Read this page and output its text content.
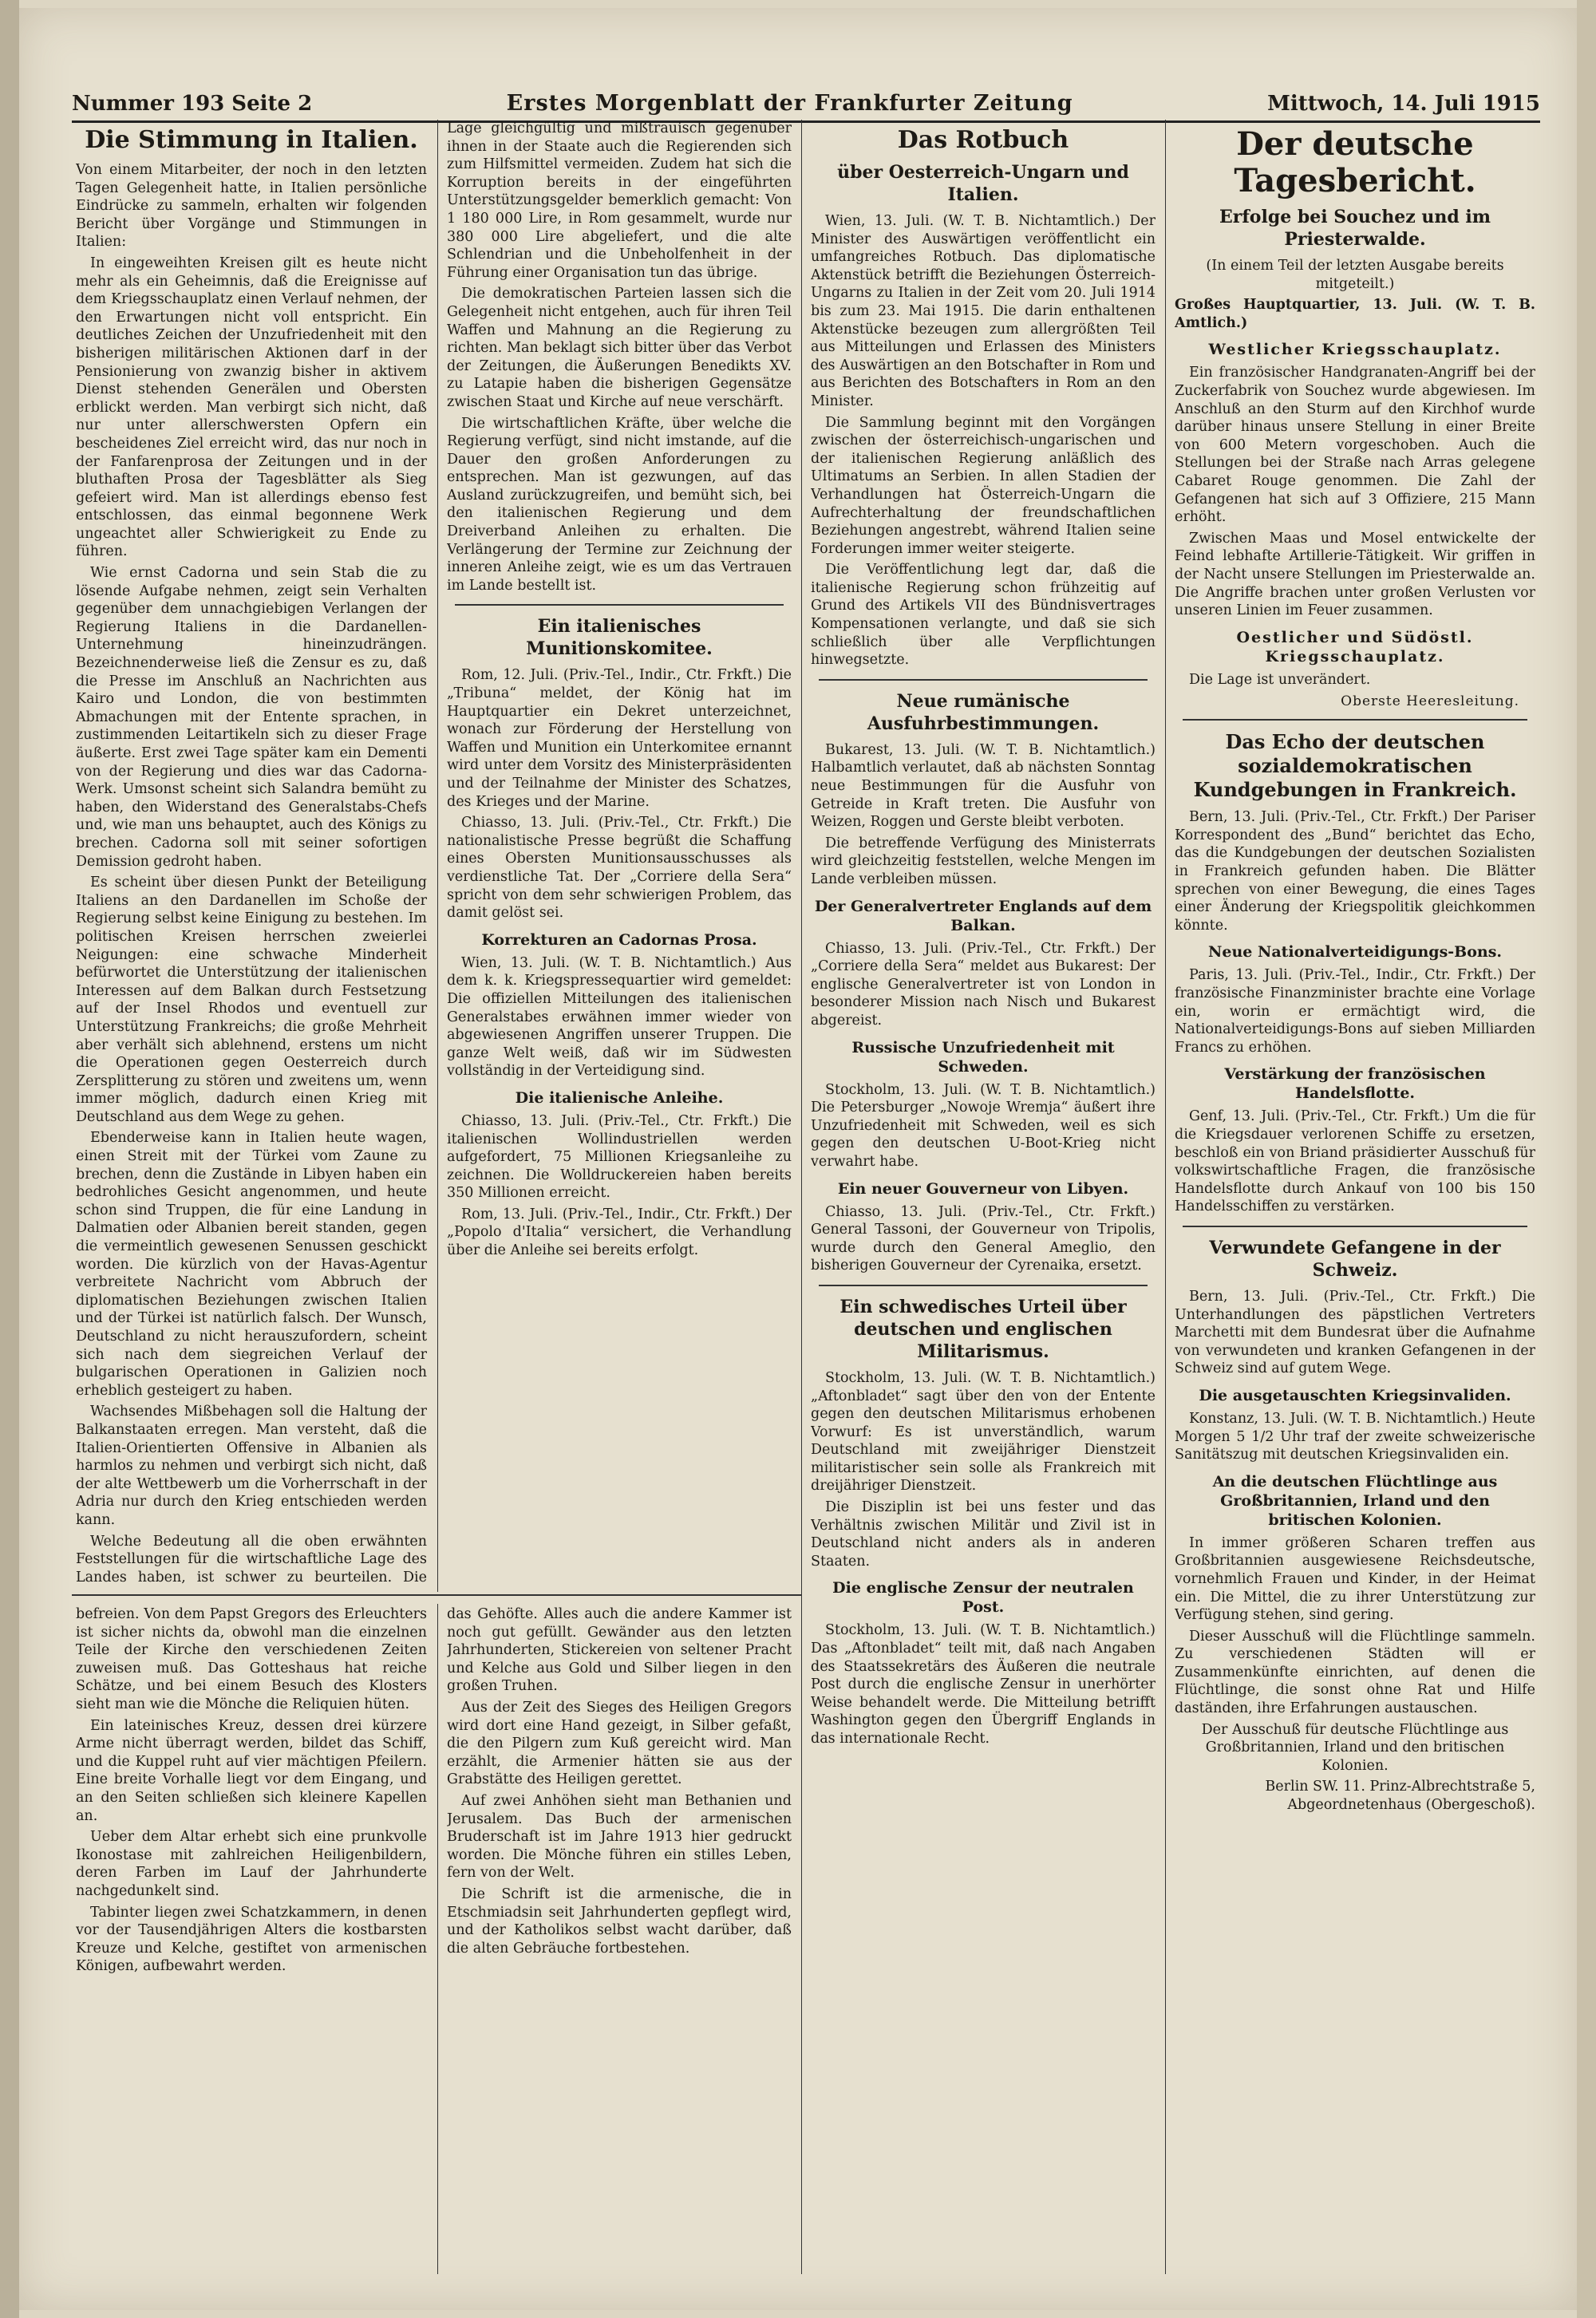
Nummer 193 Seite 2	Erstes Morgenblatt der Frankfurter Zeitung	Mittwoch, 14. Juli 1915
Die Stimmung in Italien.

Von einem Mitarbeiter, der noch in den letzten Tagen Gelegenheit hatte, in Italien persönliche Eindrücke zu sammeln, erhalten wir folgenden Bericht über Vorgänge und Stimmungen in Italien:

In eingeweihten Kreisen gilt es heute nicht mehr als ein Geheimnis, daß die Ereignisse auf dem Kriegsschauplatz einen Verlauf nehmen, der den Erwartungen nicht voll entspricht. Ein deutliches Zeichen der Unzufriedenheit mit den bisherigen militärischen Aktionen darf in der Pensionierung von zwanzig bisher in aktivem Dienst stehenden Generälen und Obersten erblickt werden. Man verbirgt sich nicht, daß nur unter allerschwersten Opfern ein bescheidenes Ziel erreicht wird, das nur noch in der Fanfarenprosa der Zeitungen und in der bluthaften Prosa der Tagesblätter als Sieg gefeiert wird. Man ist allerdings ebenso fest entschlossen, das einmal begonnene Werk ungeachtet aller Schwierigkeit zu Ende zu führen.

Wie ernst Cadorna und sein Stab die zu lösende Aufgabe nehmen, zeigt sein Verhalten gegenüber dem unnachgiebigen Verlangen der Regierung Italiens in die Dardanellen-Unternehmung hineinzudrängen. Bezeichnenderweise ließ die Zensur es zu, daß die Presse im Anschluß an Nachrichten aus Kairo und London, die von bestimmten Abmachungen mit der Entente sprachen, in zustimmenden Leitartikeln sich zu dieser Frage äußerte. Erst zwei Tage später kam ein Dementi von der Regierung und dies war das Cadorna-Werk. Umsonst scheint sich Salandra bemüht zu haben, den Widerstand des Generalstabs-Chefs und, wie man uns behauptet, auch des Königs zu brechen. Cadorna soll mit seiner sofortigen Demission gedroht haben.

Es scheint über diesen Punkt der Beteiligung Italiens an den Dardanellen im Schoße der Regierung selbst keine Einigung zu bestehen. Im politischen Kreisen herrschen zweierlei Neigungen: eine schwache Minderheit befürwortet die Unterstützung der italienischen Interessen auf dem Balkan durch Festsetzung auf der Insel Rhodos und eventuell zur Unterstützung Frankreichs; die große Mehrheit aber verhält sich ablehnend, erstens um nicht die Operationen gegen Oesterreich durch Zersplitterung zu stören und zweitens um, wenn immer möglich, dadurch einen Krieg mit Deutschland aus dem Wege zu gehen.

Ebenderweise kann in Italien heute wagen, einen Streit mit der Türkei vom Zaune zu brechen, denn die Zustände in Libyen haben ein bedrohliches Gesicht angenommen, und heute schon sind Truppen, die für eine Landung in Dalmatien oder Albanien bereit standen, gegen die vermeintlich gewesenen Senussen geschickt worden. Die kürzlich von der Havas-Agentur verbreitete Nachricht vom Abbruch der diplomatischen Beziehungen zwischen Italien und der Türkei ist natürlich falsch. Der Wunsch, Deutschland zu nicht herauszufordern, scheint sich nach dem siegreichen Verlauf der bulgarischen Operationen in Galizien noch erheblich gesteigert zu haben.

Wachsendes Mißbehagen soll die Haltung der Balkanstaaten erregen. Man versteht, daß die Italien-Orientierten Offensive in Albanien als harmlos zu nehmen und verbirgt sich nicht, daß der alte Wettbewerb um die Vorherrschaft in der Adria nur durch den Krieg entschieden werden kann.

Welche Bedeutung all die oben erwähnten Feststellungen für die wirtschaftliche Lage des Landes haben, ist schwer zu beurteilen. Die

Lage gleichgültig und mißtrauisch gegenüber ihnen in der Staate auch die Regierenden sich zum Hilfsmittel vermeiden. Zudem hat sich die Korruption bereits in der eingeführten Unterstützungsgelder bemerklich gemacht: Von 1 180 000 Lire, in Rom gesammelt, wurde nur 380 000 Lire abgeliefert, und die alte Schlendrian und die Unbeholfenheit in der Führung einer Organisation tun das übrige.

Die demokratischen Parteien lassen sich die Gelegenheit nicht entgehen, auch für ihren Teil Waffen und Mahnung an die Regierung zu richten. Man beklagt sich bitter über das Verbot der Zeitungen, die Äußerungen Benedikts XV. zu Latapie haben die bisherigen Gegensätze zwischen Staat und Kirche auf neue verschärft.

Die wirtschaftlichen Kräfte, über welche die Regierung verfügt, sind nicht imstande, auf die Dauer den großen Anforderungen zu entsprechen. Man ist gezwungen, auf das Ausland zurückzugreifen, und bemüht sich, bei den italienischen Regierung und dem Dreiverband Anleihen zu erhalten. Die Verlängerung der Termine zur Zeichnung der inneren Anleihe zeigt, wie es um das Vertrauen im Lande bestellt ist.

Ein italienisches Munitionskomitee.

Rom, 12. Juli. (Priv.-Tel., Indir., Ctr. Frkft.) Die „Tribuna“ meldet, der König hat im Hauptquartier ein Dekret unterzeichnet, wonach zur Förderung der Herstellung von Waffen und Munition ein Unterkomitee ernannt wird unter dem Vorsitz des Ministerpräsidenten und der Teilnahme der Minister des Schatzes, des Krieges und der Marine.

Chiasso, 13. Juli. (Priv.-Tel., Ctr. Frkft.) Die nationalistische Presse begrüßt die Schaffung eines Obersten Munitionsausschusses als verdienstliche Tat. Der „Corriere della Sera“ spricht von dem sehr schwierigen Problem, das damit gelöst sei.

Korrekturen an Cadornas Prosa.

Wien, 13. Juli. (W. T. B. Nichtamtlich.) Aus dem k. k. Kriegspressequartier wird gemeldet: Die offiziellen Mitteilungen des italienischen Generalstabes erwähnen immer wieder von abgewiesenen Angriffen unserer Truppen. Die ganze Welt weiß, daß wir im Südwesten vollständig in der Verteidigung sind.

Die italienische Anleihe.

Chiasso, 13. Juli. (Priv.-Tel., Ctr. Frkft.) Die italienischen Wollindustriellen werden aufgefordert, 75 Millionen Kriegsanleihe zu zeichnen. Die Wolldruckereien haben bereits 350 Millionen erreicht.

Rom, 13. Juli. (Priv.-Tel., Indir., Ctr. Frkft.) Der „Popolo d'Italia“ versichert, die Verhandlung über die Anleihe sei bereits erfolgt.

Das Rotbuch
über Oesterreich-Ungarn und Italien.

Wien, 13. Juli. (W. T. B. Nichtamtlich.) Der Minister des Auswärtigen veröffentlicht ein umfangreiches Rotbuch. Das diplomatische Aktenstück betrifft die Beziehungen Österreich-Ungarns zu Italien in der Zeit vom 20. Juli 1914 bis zum 23. Mai 1915. Die darin enthaltenen Aktenstücke bezeugen zum allergrößten Teil aus Mitteilungen und Erlassen des Ministers des Auswärtigen an den Botschafter in Rom und aus Berichten des Botschafters in Rom an den Minister.

Die Sammlung beginnt mit den Vorgängen zwischen der österreichisch-ungarischen und der italienischen Regierung anläßlich des Ultimatums an Serbien. In allen Stadien der Verhandlungen hat Österreich-Ungarn die Aufrechterhaltung der freundschaftlichen Beziehungen angestrebt, während Italien seine Forderungen immer weiter steigerte.

Die Veröffentlichung legt dar, daß die italienische Regierung schon frühzeitig auf Grund des Artikels VII des Bündnisvertrages Kompensationen verlangte, und daß sie sich schließlich über alle Verpflichtungen hinwegsetzte.

Neue rumänische Ausfuhrbestimmungen.

Bukarest, 13. Juli. (W. T. B. Nichtamtlich.) Halbamtlich verlautet, daß ab nächsten Sonntag neue Bestimmungen für die Ausfuhr von Getreide in Kraft treten. Die Ausfuhr von Weizen, Roggen und Gerste bleibt verboten.

Die betreffende Verfügung des Ministerrats wird gleichzeitig feststellen, welche Mengen im Lande verbleiben müssen.

Der Generalvertreter Englands auf dem Balkan.

Chiasso, 13. Juli. (Priv.-Tel., Ctr. Frkft.) Der „Corriere della Sera“ meldet aus Bukarest: Der englische Generalvertreter ist von London in besonderer Mission nach Nisch und Bukarest abgereist.

Russische Unzufriedenheit mit Schweden.

Stockholm, 13. Juli. (W. T. B. Nichtamtlich.) Die Petersburger „Nowoje Wremja“ äußert ihre Unzufriedenheit mit Schweden, weil es sich gegen den deutschen U-Boot-Krieg nicht verwahrt habe.

Ein neuer Gouverneur von Libyen.

Chiasso, 13. Juli. (Priv.-Tel., Ctr. Frkft.) General Tassoni, der Gouverneur von Tripolis, wurde durch den General Ameglio, den bisherigen Gouverneur der Cyrenaika, ersetzt.

Ein schwedisches Urteil über deutschen und englischen Militarismus.

Stockholm, 13. Juli. (W. T. B. Nichtamtlich.) „Aftonbladet“ sagt über den von der Entente gegen den deutschen Militarismus erhobenen Vorwurf: Es ist unverständlich, warum Deutschland mit zweijähriger Dienstzeit militaristischer sein solle als Frankreich mit dreijähriger Dienstzeit.

Die Disziplin ist bei uns fester und das Verhältnis zwischen Militär und Zivil ist in Deutschland nicht anders als in anderen Staaten.

Die englische Zensur der neutralen Post.

Stockholm, 13. Juli. (W. T. B. Nichtamtlich.) Das „Aftonbladet“ teilt mit, daß nach Angaben des Staatssekretärs des Äußeren die neutrale Post durch die englische Zensur in unerhörter Weise behandelt werde. Die Mitteilung betrifft Washington gegen den Übergriff Englands in das internationale Recht.

Der deutsche Tagesbericht.
Erfolge bei Souchez und im Priesterwalde.

(In einem Teil der letzten Ausgabe bereits mitgeteilt.)

Großes Hauptquartier, 13. Juli. (W. T. B. Amtlich.)

Westlicher Kriegsschauplatz.

Ein französischer Handgranaten-Angriff bei der Zuckerfabrik von Souchez wurde abgewiesen. Im Anschluß an den Sturm auf den Kirchhof wurde darüber hinaus unsere Stellung in einer Breite von 600 Metern vorgeschoben. Auch die Stellungen bei der Straße nach Arras gelegene Cabaret Rouge genommen. Die Zahl der Gefangenen hat sich auf 3 Offiziere, 215 Mann erhöht.

Zwischen Maas und Mosel entwickelte der Feind lebhafte Artillerie-Tätigkeit. Wir griffen in der Nacht unsere Stellungen im Priesterwalde an. Die Angriffe brachen unter großen Verlusten vor unseren Linien im Feuer zusammen.

Oestlicher und Südöstl. Kriegsschauplatz.

Die Lage ist unverändert.

Oberste Heeresleitung.
Das Echo der deutschen sozialdemokratischen Kundgebungen in Frankreich.

Bern, 13. Juli. (Priv.-Tel., Ctr. Frkft.) Der Pariser Korrespondent des „Bund“ berichtet das Echo, das die Kundgebungen der deutschen Sozialisten in Frankreich gefunden haben. Die Blätter sprechen von einer Bewegung, die eines Tages einer Änderung der Kriegspolitik gleichkommen könnte.

Neue Nationalverteidigungs-Bons.

Paris, 13. Juli. (Priv.-Tel., Indir., Ctr. Frkft.) Der französische Finanzminister brachte eine Vorlage ein, worin er ermächtigt wird, die Nationalverteidigungs-Bons auf sieben Milliarden Francs zu erhöhen.

Verstärkung der französischen Handelsflotte.

Genf, 13. Juli. (Priv.-Tel., Ctr. Frkft.) Um die für die Kriegsdauer verlorenen Schiffe zu ersetzen, beschloß ein von Briand präsidierter Ausschuß für volkswirtschaftliche Fragen, die französische Handelsflotte durch Ankauf von 100 bis 150 Handelsschiffen zu verstärken.

Verwundete Gefangene in der Schweiz.

Bern, 13. Juli. (Priv.-Tel., Ctr. Frkft.) Die Unterhandlungen des päpstlichen Vertreters Marchetti mit dem Bundesrat über die Aufnahme von verwundeten und kranken Gefangenen in der Schweiz sind auf gutem Wege.

Die ausgetauschten Kriegsinvaliden.

Konstanz, 13. Juli. (W. T. B. Nichtamtlich.) Heute Morgen 5 1/2 Uhr traf der zweite schweizerische Sanitätszug mit deutschen Kriegsinvaliden ein.

An die deutschen Flüchtlinge aus Großbritannien, Irland und den britischen Kolonien.

In immer größeren Scharen treffen aus Großbritannien ausgewiesene Reichsdeutsche, vornehmlich Frauen und Kinder, in der Heimat ein. Die Mittel, die zu ihrer Unterstützung zur Verfügung stehen, sind gering.

Dieser Ausschuß will die Flüchtlinge sammeln. Zu verschiedenen Städten will er Zusammenkünfte einrichten, auf denen die Flüchtlinge, die sonst ohne Rat und Hilfe daständen, ihre Erfahrungen austauschen.

Der Ausschuß für deutsche Flüchtlinge aus Großbritannien, Irland und den britischen Kolonien.

Berlin SW. 11. Prinz-Albrechtstraße 5, Abgeordnetenhaus (Obergeschoß).

befreien. Von dem Papst Gregors des Erleuchters ist sicher nichts da, obwohl man die einzelnen Teile der Kirche den verschiedenen Zeiten zuweisen muß. Das Gotteshaus hat reiche Schätze, und bei einem Besuch des Klosters sieht man wie die Mönche die Reliquien hüten.

Ein lateinisches Kreuz, dessen drei kürzere Arme nicht überragt werden, bildet das Schiff, und die Kuppel ruht auf vier mächtigen Pfeilern. Eine breite Vorhalle liegt vor dem Eingang, und an den Seiten schließen sich kleinere Kapellen an.

Ueber dem Altar erhebt sich eine prunkvolle Ikonostase mit zahlreichen Heiligenbildern, deren Farben im Lauf der Jahrhunderte nachgedunkelt sind.

Tabinter liegen zwei Schatzkammern, in denen vor der Tausendjährigen Alters die kostbarsten Kreuze und Kelche, gestiftet von armenischen Königen, aufbewahrt werden.

das Gehöfte. Alles auch die andere Kammer ist noch gut gefüllt. Gewänder aus den letzten Jahrhunderten, Stickereien von seltener Pracht und Kelche aus Gold und Silber liegen in den großen Truhen.

Aus der Zeit des Sieges des Heiligen Gregors wird dort eine Hand gezeigt, in Silber gefaßt, die den Pilgern zum Kuß gereicht wird. Man erzählt, die Armenier hätten sie aus der Grabstätte des Heiligen gerettet.

Auf zwei Anhöhen sieht man Bethanien und Jerusalem. Das Buch der armenischen Bruderschaft ist im Jahre 1913 hier gedruckt worden. Die Mönche führen ein stilles Leben, fern von der Welt.

Die Schrift ist die armenische, die in Etschmiadsin seit Jahrhunderten gepflegt wird, und der Katholikos selbst wacht darüber, daß die alten Gebräuche fortbestehen.
